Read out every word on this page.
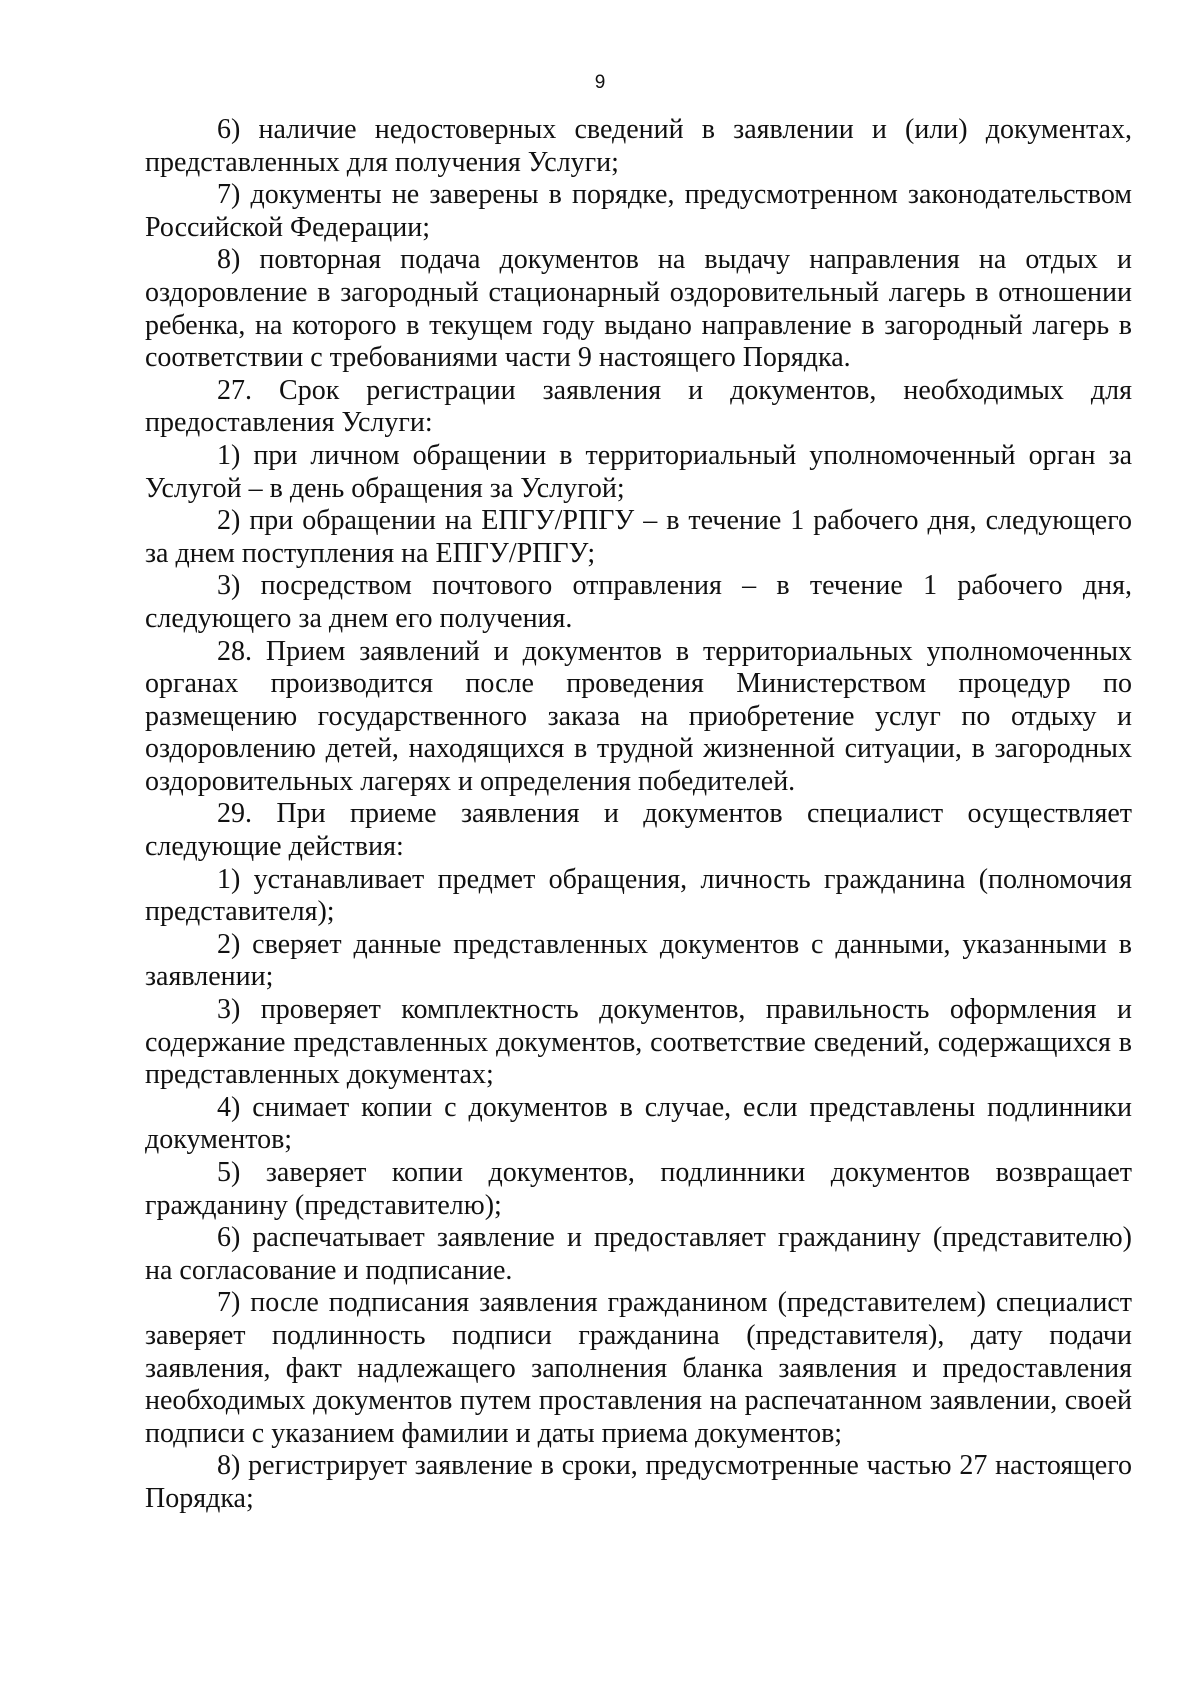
9

6) наличие недостоверных сведений в заявлении и (или) документах, представленных для получения Услуги;

7) документы не заверены в порядке, предусмотренном законодательством Российской Федерации;

8) повторная подача документов на выдачу направления на отдых и оздоровление в загородный стационарный оздоровительный лагерь в отношении ребенка, на которого в текущем году выдано направление в загородный лагерь в соответствии с требованиями части 9 настоящего Порядка.

27. Срок регистрации заявления и документов, необходимых для предоставления Услуги:

1) при личном обращении в территориальный уполномоченный орган за Услугой – в день обращения за Услугой;

2) при обращении на ЕПГУ/РПГУ – в течение 1 рабочего дня, следующего за днем поступления на ЕПГУ/РПГУ;

3) посредством почтового отправления – в течение 1 рабочего дня, следующего за днем его получения.

28. Прием заявлений и документов в территориальных уполномоченных органах производится после проведения Министерством процедур по размещению государственного заказа на приобретение услуг по отдыху и оздоровлению детей, находящихся в трудной жизненной ситуации, в загородных оздоровительных лагерях и определения победителей.

29. При приеме заявления и документов специалист осуществляет следующие действия:

1) устанавливает предмет обращения, личность гражданина (полномочия представителя);

2) сверяет данные представленных документов с данными, указанными в заявлении;

3) проверяет комплектность документов, правильность оформления и содержание представленных документов, соответствие сведений, содержащихся в представленных документах;

4) снимает копии с документов в случае, если представлены подлинники документов;

5) заверяет копии документов, подлинники документов возвращает гражданину (представителю);

6) распечатывает заявление и предоставляет гражданину (представителю) на согласование и подписание.

7) после подписания заявления гражданином (представителем) специалист заверяет подлинность подписи гражданина (представителя), дату подачи заявления, факт надлежащего заполнения бланка заявления и предоставления необходимых документов путем проставления на распечатанном заявлении, своей подписи с указанием фамилии и даты приема документов;

8) регистрирует заявление в сроки, предусмотренные частью 27 настоящего Порядка;
